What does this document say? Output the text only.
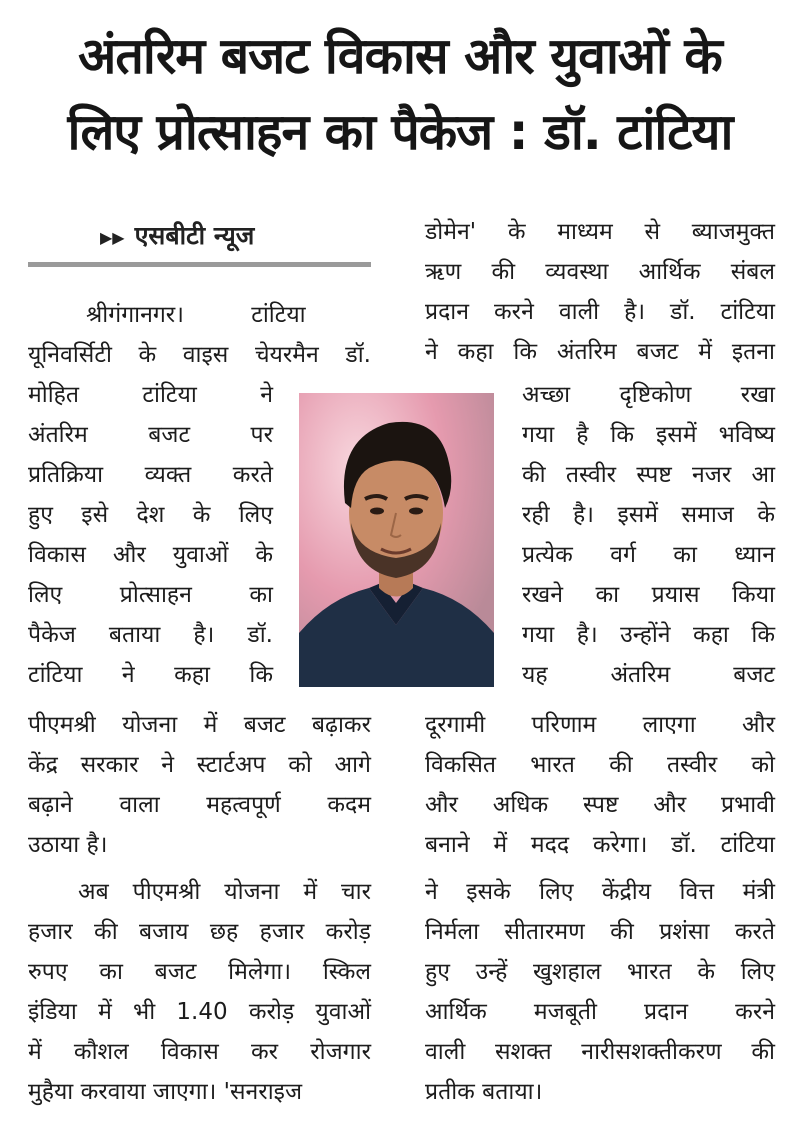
अंतरिम बजट विकास और युवाओं के
लिए प्रोत्साहन का पैकेज : डॉ. टांटिया
▶▶ एसबीटी न्यूज
श्रीगंगानगर। टांटिया
यूनिवर्सिटी के वाइस चेयरमैन डॉ.
मोहित टांटिया ने
अंतरिम बजट पर
प्रतिक्रिया व्यक्त करते
हुए इसे देश के लिए
विकास और युवाओं के
लिए प्रोत्साहन का
पैकेज बताया है। डॉ.
टांटिया ने कहा कि
पीएमश्री योजना में बजट बढ़ाकर
केंद्र सरकार ने स्टार्टअप को आगे
बढ़ाने वाला महत्वपूर्ण कदम
उठाया है।
अब पीएमश्री योजना में चार
हजार की बजाय छह हजार करोड़
रुपए का बजट मिलेगा। स्किल
इंडिया में भी 1.40 करोड़ युवाओं
में कौशल विकास कर रोजगार
मुहैया करवाया जाएगा। 'सनराइज
डोमेन' के माध्यम से ब्याजमुक्त
ऋण की व्यवस्था आर्थिक संबल
प्रदान करने वाली है। डॉ. टांटिया
ने कहा कि अंतरिम बजट में इतना
अच्छा दृष्टिकोण रखा
गया है कि इसमें भविष्य
की तस्वीर स्पष्ट नजर आ
रही है। इसमें समाज के
प्रत्येक वर्ग का ध्यान
रखने का प्रयास किया
गया है। उन्होंने कहा कि
यह अंतरिम बजट
दूरगामी परिणाम लाएगा और
विकसित भारत की तस्वीर को
और अधिक स्पष्ट और प्रभावी
बनाने में मदद करेगा। डॉ. टांटिया
ने इसके लिए केंद्रीय वित्त मंत्री
निर्मला सीतारमण की प्रशंसा करते
हुए उन्हें खुशहाल भारत के लिए
आर्थिक मजबूती प्रदान करने
वाली सशक्त नारीसशक्तीकरण की
प्रतीक बताया।
